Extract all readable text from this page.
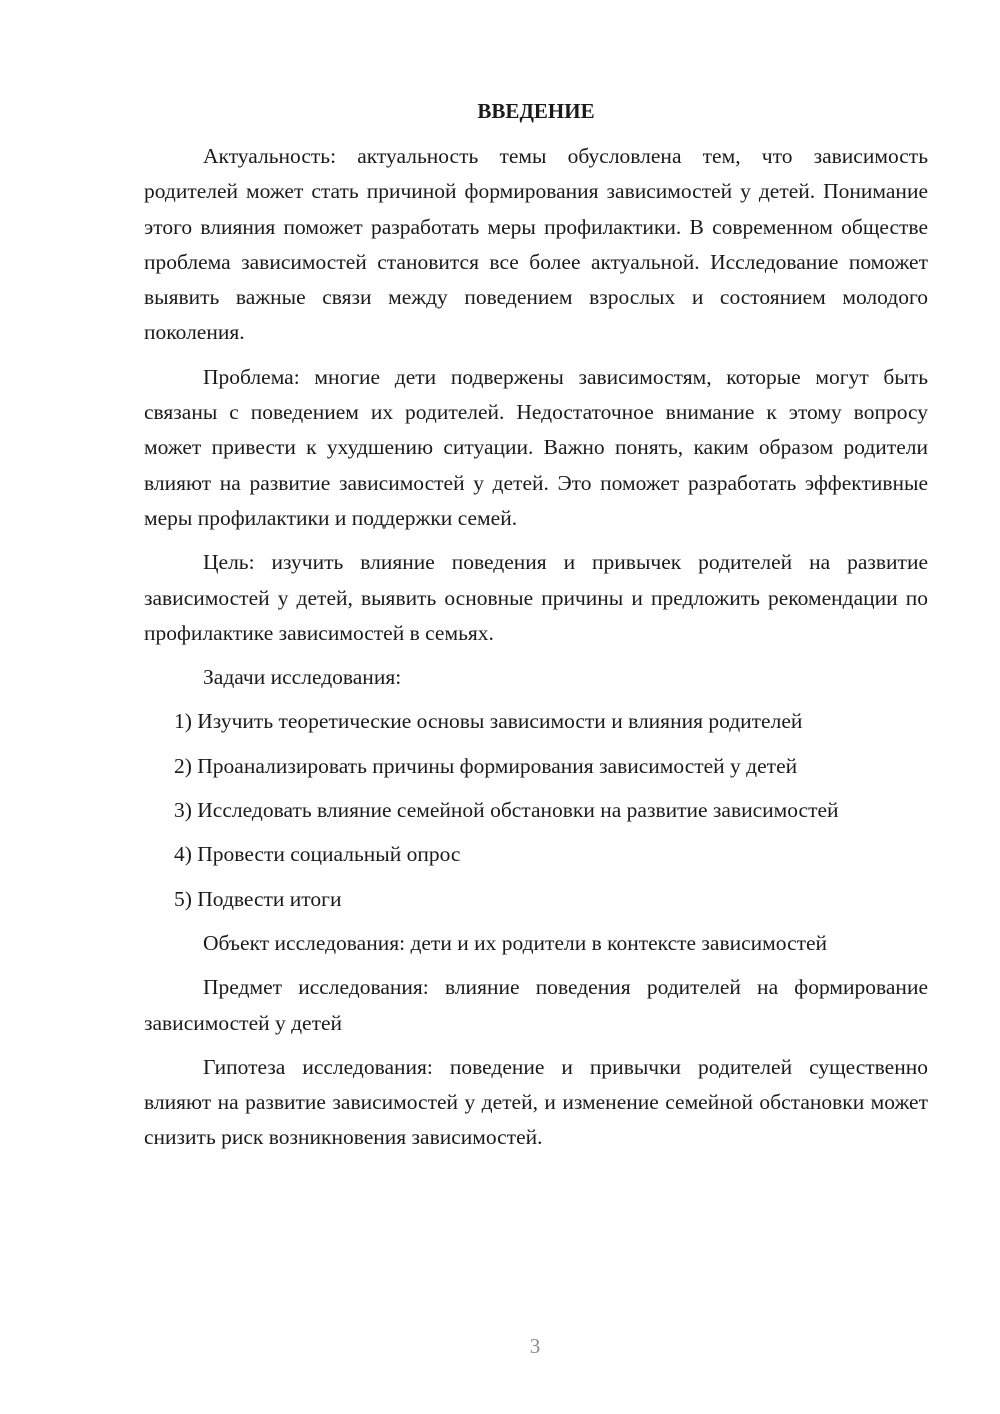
ВВЕДЕНИЕ

Актуальность: актуальность темы обусловлена тем, что зависимость родителей может стать причиной формирования зависимостей у детей. Понимание этого влияния поможет разработать меры профилактики. В современном обществе проблема зависимостей становится все более актуальной. Исследование поможет выявить важные связи между поведением взрослых и состоянием молодого поколения.

Проблема: многие дети подвержены зависимостям, которые могут быть связаны с поведением их родителей. Недостаточное внимание к этому вопросу может привести к ухудшению ситуации. Важно понять, каким образом родители влияют на развитие зависимостей у детей. Это поможет разработать эффективные меры профилактики и поддержки семей.

Цель: изучить влияние поведения и привычек родителей на развитие зависимостей у детей, выявить основные причины и предложить рекомендации по профилактике зависимостей в семьях.

Задачи исследования:

1) Изучить теоретические основы зависимости и влияния родителей

2) Проанализировать причины формирования зависимостей у детей

3) Исследовать влияние семейной обстановки на развитие зависимостей

4) Провести социальный опрос

5) Подвести итоги

Объект исследования: дети и их родители в контексте зависимостей

Предмет исследования: влияние поведения родителей на формирование зависимостей у детей

Гипотеза исследования: поведение и привычки родителей существенно влияют на развитие зависимостей у детей, и изменение семейной обстановки может снизить риск возникновения зависимостей.

3
